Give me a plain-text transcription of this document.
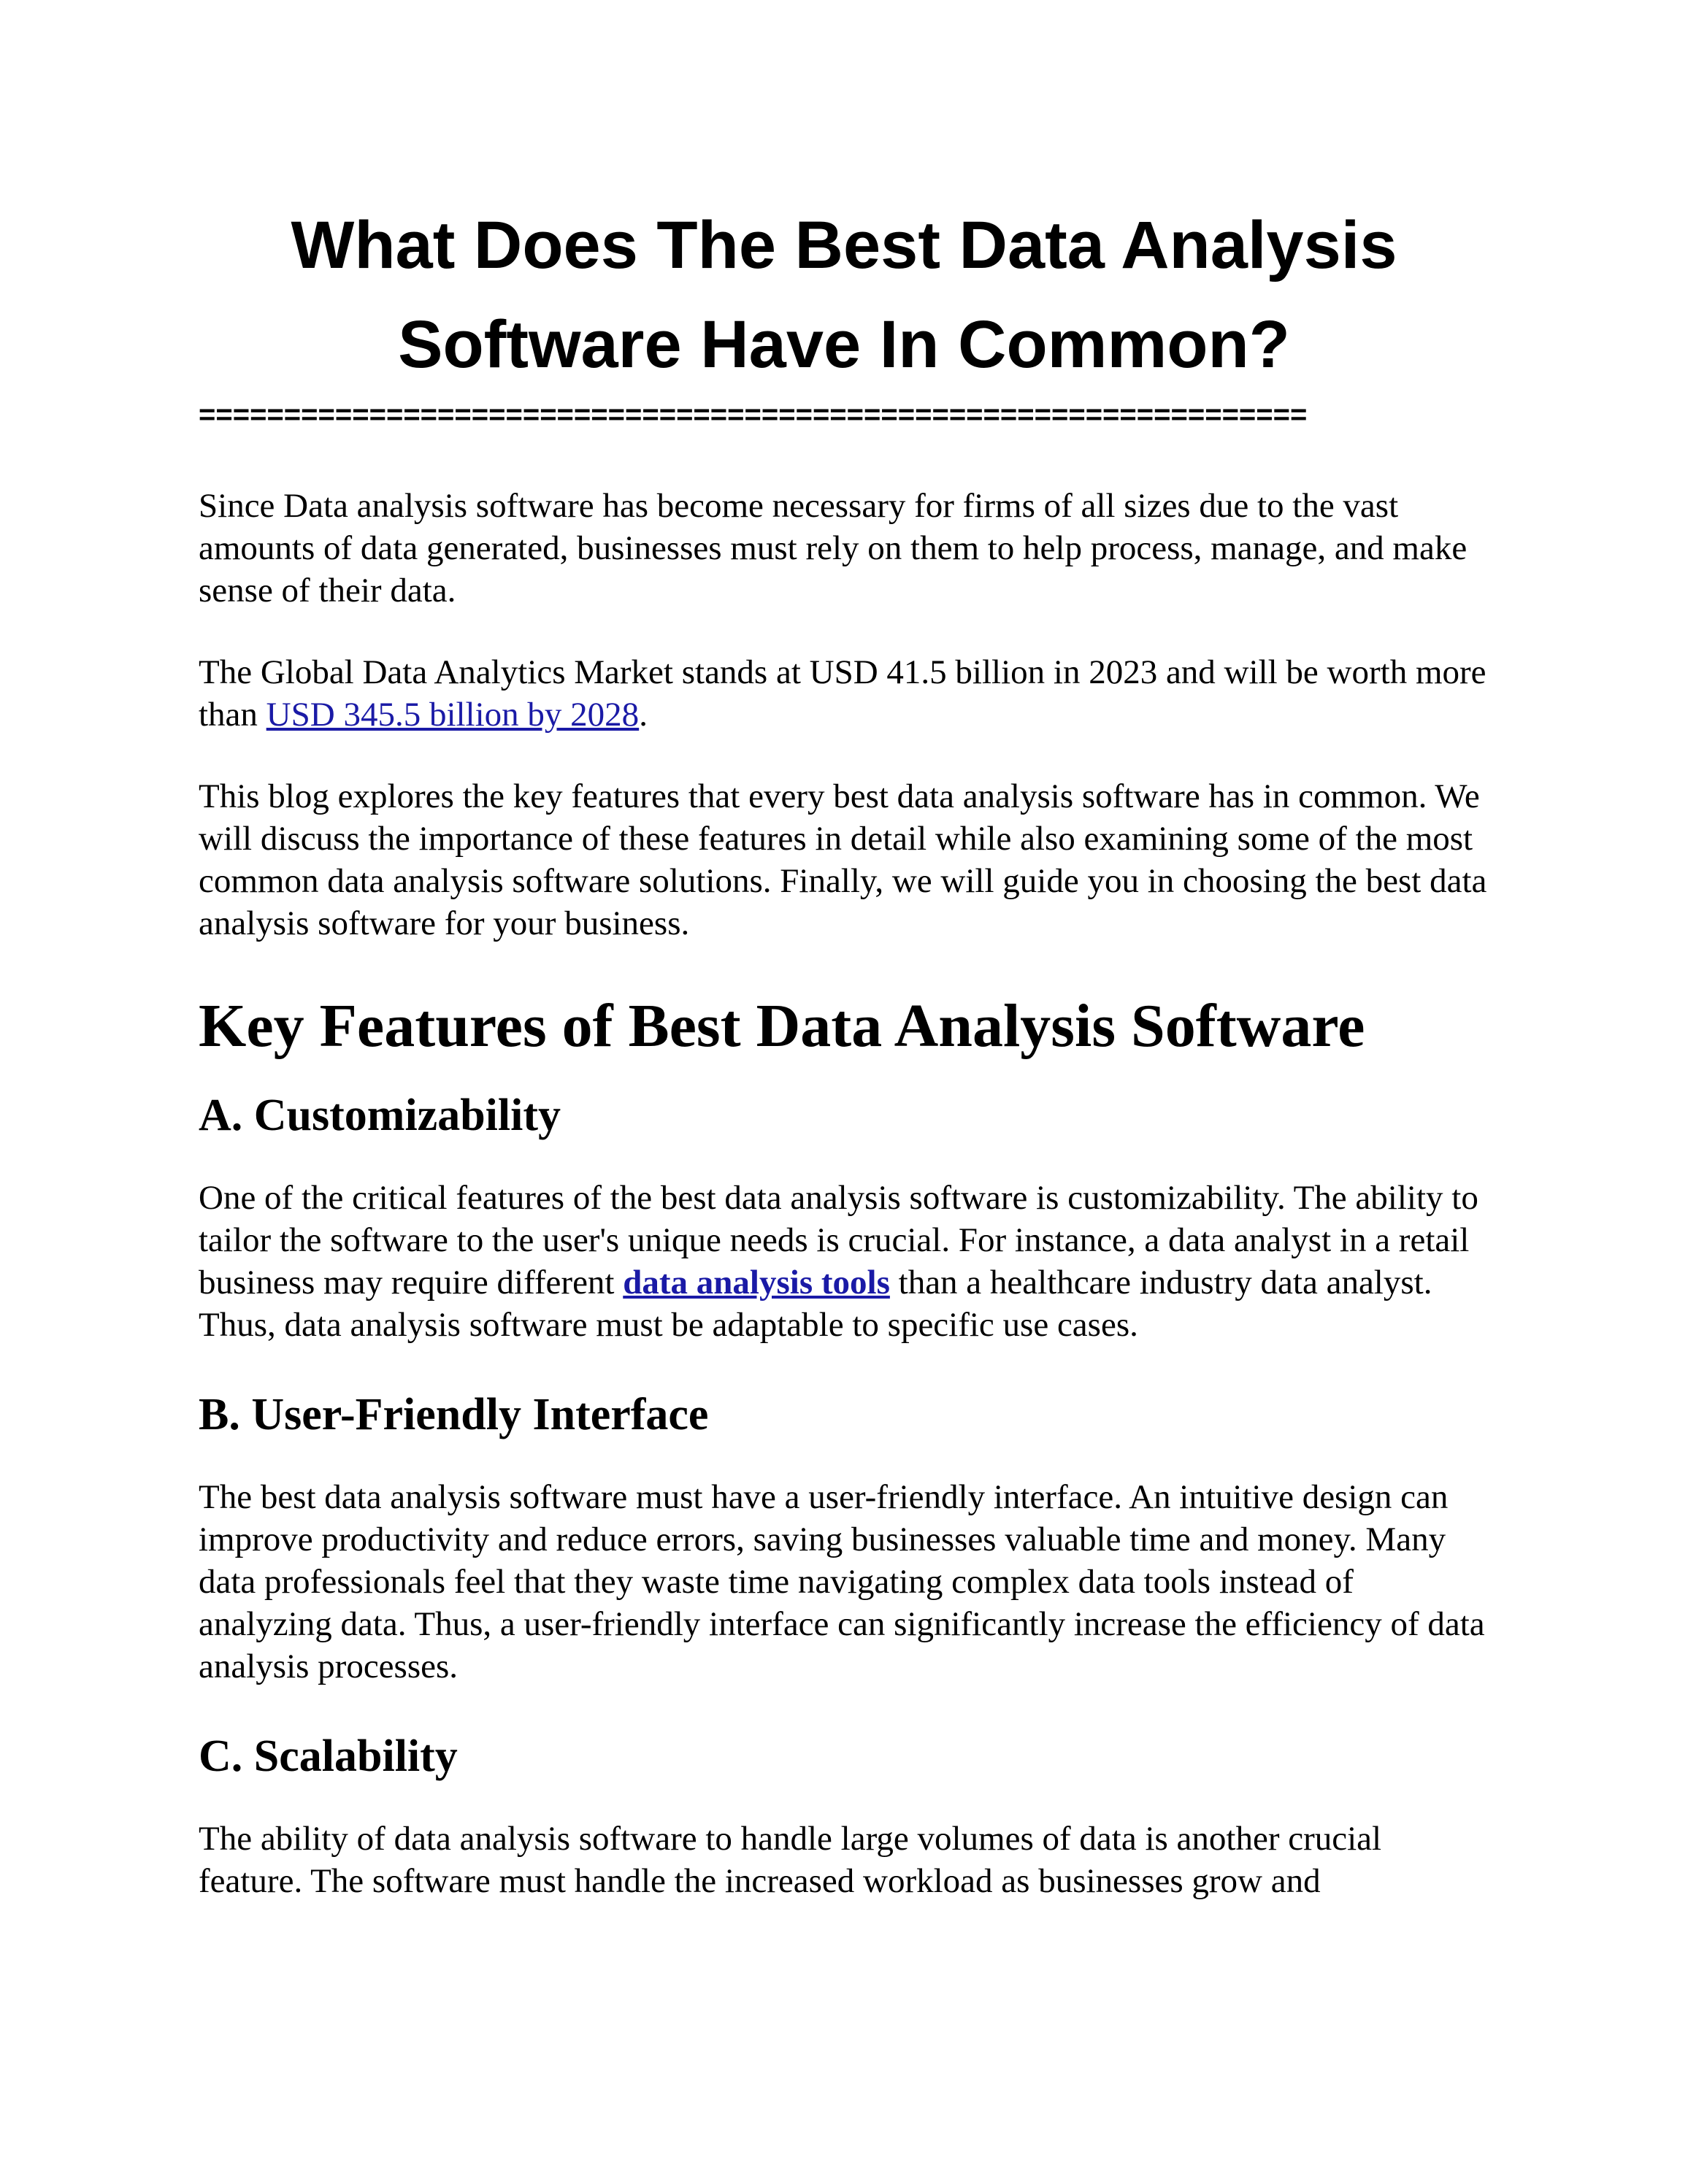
What Does The Best Data Analysis
Software Have In Common?
=================================================================

Since Data analysis software has become necessary for firms of all sizes due to the vast amounts of data generated, businesses must rely on them to help process, manage, and make sense of their data.

The Global Data Analytics Market stands at USD 41.5 billion in 2023 and will be worth more than USD 345.5 billion by 2028.

This blog explores the key features that every best data analysis software has in common. We will discuss the importance of these features in detail while also examining some of the most common data analysis software solutions. Finally, we will guide you in choosing the best data analysis software for your business.

Key Features of Best Data Analysis Software
A. Customizability

One of the critical features of the best data analysis software is customizability. The ability to tailor the software to the user's unique needs is crucial. For instance, a data analyst in a retail business may require different data analysis tools than a healthcare industry data analyst. Thus, data analysis software must be adaptable to specific use cases.

B. User-Friendly Interface

The best data analysis software must have a user-friendly interface. An intuitive design can improve productivity and reduce errors, saving businesses valuable time and money. Many data professionals feel that they waste time navigating complex data tools instead of analyzing data. Thus, a user-friendly interface can significantly increase the efficiency of data analysis processes.

C. Scalability

The ability of data analysis software to handle large volumes of data is another crucial feature. The software must handle the increased workload as businesses grow and
